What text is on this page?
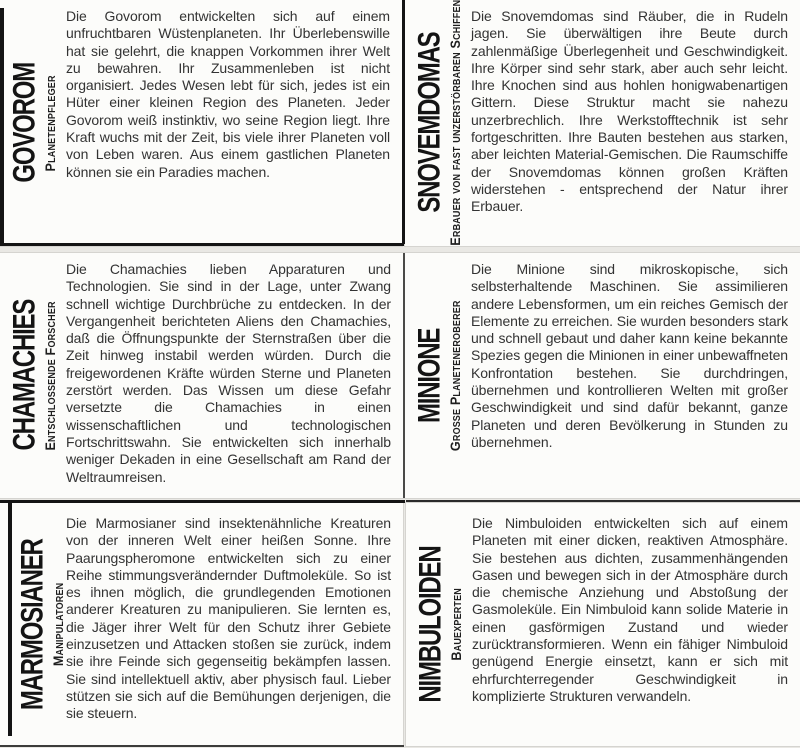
GOVOROM Planetenpfleger
Die Govorom entwickelten sich auf einem unfruchtbaren Wüstenplaneten. Ihr Überlebenswille hat sie gelehrt, die knappen Vorkommen ihrer Welt zu bewahren. Ihr Zusammenleben ist nicht organisiert. Jedes Wesen lebt für sich, jedes ist ein Hüter einer kleinen Region des Planeten. Jeder Govorom weiß instinktiv, wo seine Region liegt. Ihre Kraft wuchs mit der Zeit, bis viele ihrer Planeten voll von Leben waren. Aus einem gastlichen Planeten können sie ein Paradies machen.	SNOVEMDOMAS Erbauer von fast unzerstörbaren Schiffen Die Snovemdomas sind Räuber, die in Rudeln jagen. Sie überwältigen ihre Beute durch zahlenmäßige Überlegenheit und Geschwindigkeit. Ihre Körper sind sehr stark, aber auch sehr leicht. Ihre Knochen sind aus hohlen honigwabenartigen Gittern. Diese Struktur macht sie nahezu unzerbrechlich. Ihre Werkstofftechnik ist sehr fortgeschritten. Ihre Bauten bestehen aus starken, aber leichten Material-Gemischen. Die Raumschiffe der Snovemdomas können großen Kräften widerstehen - entsprechend der Natur ihrer Erbauer.
CHAMACHIES Entschlossende Forscher
Die Chamachies lieben Apparaturen und Technologien. Sie sind in der Lage, unter Zwang schnell wichtige Durchbrüche zu entdecken. In der Vergangenheit berichteten Aliens den Chamachies, daß die Öffnungspunkte der Sternstraßen über die Zeit hinweg instabil werden würden. Durch die freigewordenen Kräfte würden Sterne und Planeten zerstört werden. Das Wissen um diese Gefahr versetzte die Chamachies in einen wissenschaftlichen und technologischen Fortschrittswahn. Sie entwickelten sich innerhalb weniger Dekaden in eine Gesellschaft am Rand der Weltraumreisen.
MINIONE Große Planeteneroberer
Die Minione sind mikroskopische, sich selbsterhaltende Maschinen. Sie assimilieren andere Lebensformen, um ein reiches Gemisch der Elemente zu erreichen. Sie wurden besonders stark und schnell gebaut und daher kann keine bekannte Spezies gegen die Minionen in einer unbewaffneten Konfrontation bestehen. Sie durchdringen, übernehmen und kontrollieren Welten mit großer Geschwindigkeit und sind dafür bekannt, ganze Planeten und deren Bevölkerung in Stunden zu übernehmen.
MARMOSIANER Manipulatoren
Die Marmosianer sind insektenähnliche Kreaturen von der inneren Welt einer heißen Sonne. Ihre Paarungspheromone entwickelten sich zu einer Reihe stimmungsverändernder Duftmoleküle. So ist es ihnen möglich, die grundlegenden Emotionen anderer Kreaturen zu manipulieren. Sie lernten es, die Jäger ihrer Welt für den Schutz ihrer Gebiete einzusetzen und Attacken stoßen sie zurück, indem sie ihre Feinde sich gegenseitig bekämpfen lassen. Sie sind intellektuell aktiv, aber physisch faul. Lieber stützen sie sich auf die Bemühungen derjenigen, die sie steuern.
NIMBULOIDEN Bauexperten
Die Nimbuloiden entwickelten sich auf einem Planeten mit einer dicken, reaktiven Atmosphäre. Sie bestehen aus dichten, zusammenhängenden Gasen und bewegen sich in der Atmosphäre durch die chemische Anziehung und Abstoßung der Gasmoleküle. Ein Nimbuloid kann solide Materie in einen gasförmigen Zustand und wieder zurücktransformieren. Wenn ein fähiger Nimbuloid genügend Energie einsetzt, kann er sich mit ehrfurchterregender Geschwindigkeit in komplizierte Strukturen verwandeln.
